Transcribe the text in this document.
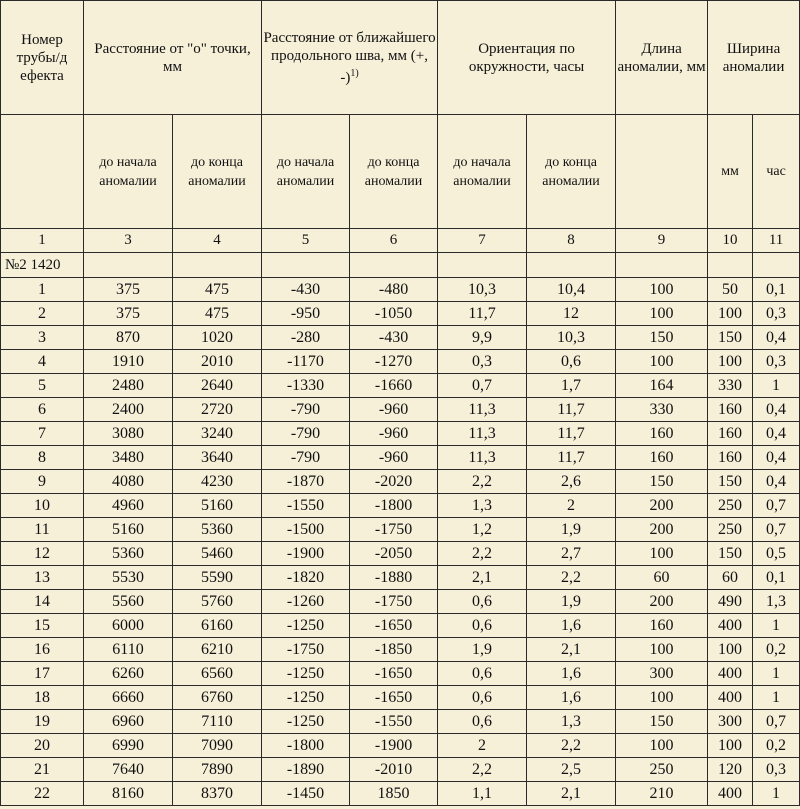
Номер трубы/д ефекта	Расстояние от "о" точки, мм		Расстояние от ближайшего продольного шва, мм (+, -)$^{1)}$		Ориентация по окружности, часы		Длина аномалии, мм	Ширина аномалии	
	до начала аномалии	до конца аномалии	до начала аномалии	до конца аномалии	до начала аномалии	до конца аномалии		мм	час
1	3	4	5	6	7	8	9	10	11
№2 1420									
1	375	475	-430	-480	10,3	10,4	100	50	0,1
2	375	475	-950	-1050	11,7	12	100	100	0,3
3	870	1020	-280	-430	9,9	10,3	150	150	0,4
4	1910	2010	-1170	-1270	0,3	0,6	100	100	0,3
5	2480	2640	-1330	-1660	0,7	1,7	164	330	1
6	2400	2720	-790	-960	11,3	11,7	330	160	0,4
7	3080	3240	-790	-960	11,3	11,7	160	160	0,4
8	3480	3640	-790	-960	11,3	11,7	160	160	0,4
9	4080	4230	-1870	-2020	2,2	2,6	150	150	0,4
10	4960	5160	-1550	-1800	1,3	2	200	250	0,7
11	5160	5360	-1500	-1750	1,2	1,9	200	250	0,7
12	5360	5460	-1900	-2050	2,2	2,7	100	150	0,5
13	5530	5590	-1820	-1880	2,1	2,2	60	60	0,1
14	5560	5760	-1260	-1750	0,6	1,9	200	490	1,3
15	6000	6160	-1250	-1650	0,6	1,6	160	400	1
16	6110	6210	-1750	-1850	1,9	2,1	100	100	0,2
17	6260	6560	-1250	-1650	0,6	1,6	300	400	1
18	6660	6760	-1250	-1650	0,6	1,6	100	400	1
19	6960	7110	-1250	-1550	0,6	1,3	150	300	0,7
20	6990	7090	-1800	-1900	2	2,2	100	100	0,2
21	7640	7890	-1890	-2010	2,2	2,5	250	120	0,3
22	8160	8370	-1450	1850	1,1	2,1	210	400	1
